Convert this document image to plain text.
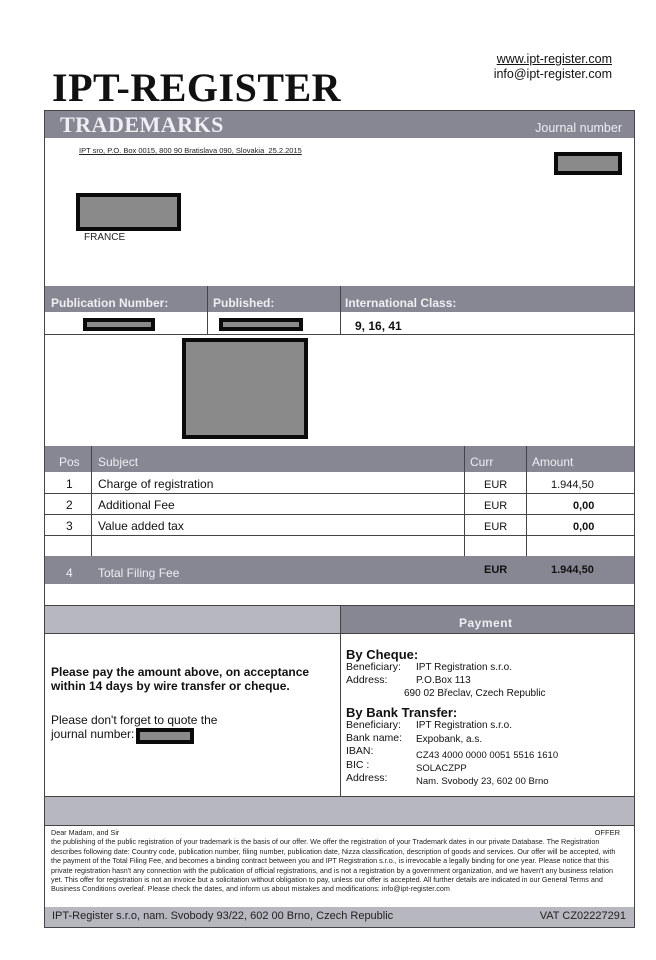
www.ipt-register.com
info@ipt-register.com
IPT-REGISTER
TRADEMARKS	Journal number
IPT sro, P.O. Box 0015, 800 90 Bratislava 090, Slovakia 25.2.2015
FRANCE
Publication Number:	Published:	International Class:
9, 16, 41
Pos Subject	Curr	Amount
1 Charge of registration	EUR	1.944,50
2 Additional Fee	EUR	0,00
3 Value added tax	EUR	0,00
4 Total Filing Fee	EUR	1.944,50
Payment
Please pay the amount above, on acceptance within 14 days by wire transfer or cheque.
Please don't forget to quote the
journal number:
By Cheque:
Beneficiary: IPT Registration s.r.o.
Address:	P.O.Box 113
690 02 Břeclav, Czech Republic
By Bank Transfer:
Beneficiary: IPT Registration s.r.o.
Bank name: Expobank, a.s.
IBAN:	CZ43 4000 0000 0051 5516 1610
BIC :	SOLACZPP
Address:	Nam. Svobody 23, 602 00 Brno
OFFER
Dear Madam, and Sir
the publishing of the public registration of your trademark is the basis of our offer. We offer the registration of your Trademark dates in our private Database. The Registration describes following date: Country code, publication number, filing number, publication date, Nizza classification, description of goods and services. Our offer will be accepted, with the payment of the Total Filing Fee, and becomes a binding contract between you and IPT Registration s.r.o., is irrevocable a legally binding for one year. Please notice that this private registration hasn't any connection with the publication of official registrations, and is not a registration by a government organization, and we haven't any business relation yet. This offer for registration is not an invoice but a solicitation without obligation to pay, unless our offer is accepted. All further details are indicated in our General Terms and Business Conditions overleaf. Please check the dates, and inform us about mistakes and modifications: info@ipt-register.com
IPT-Register s.r.o, nam. Svobody 93/22, 602 00 Brno, Czech Republic	VAT CZ02227291
